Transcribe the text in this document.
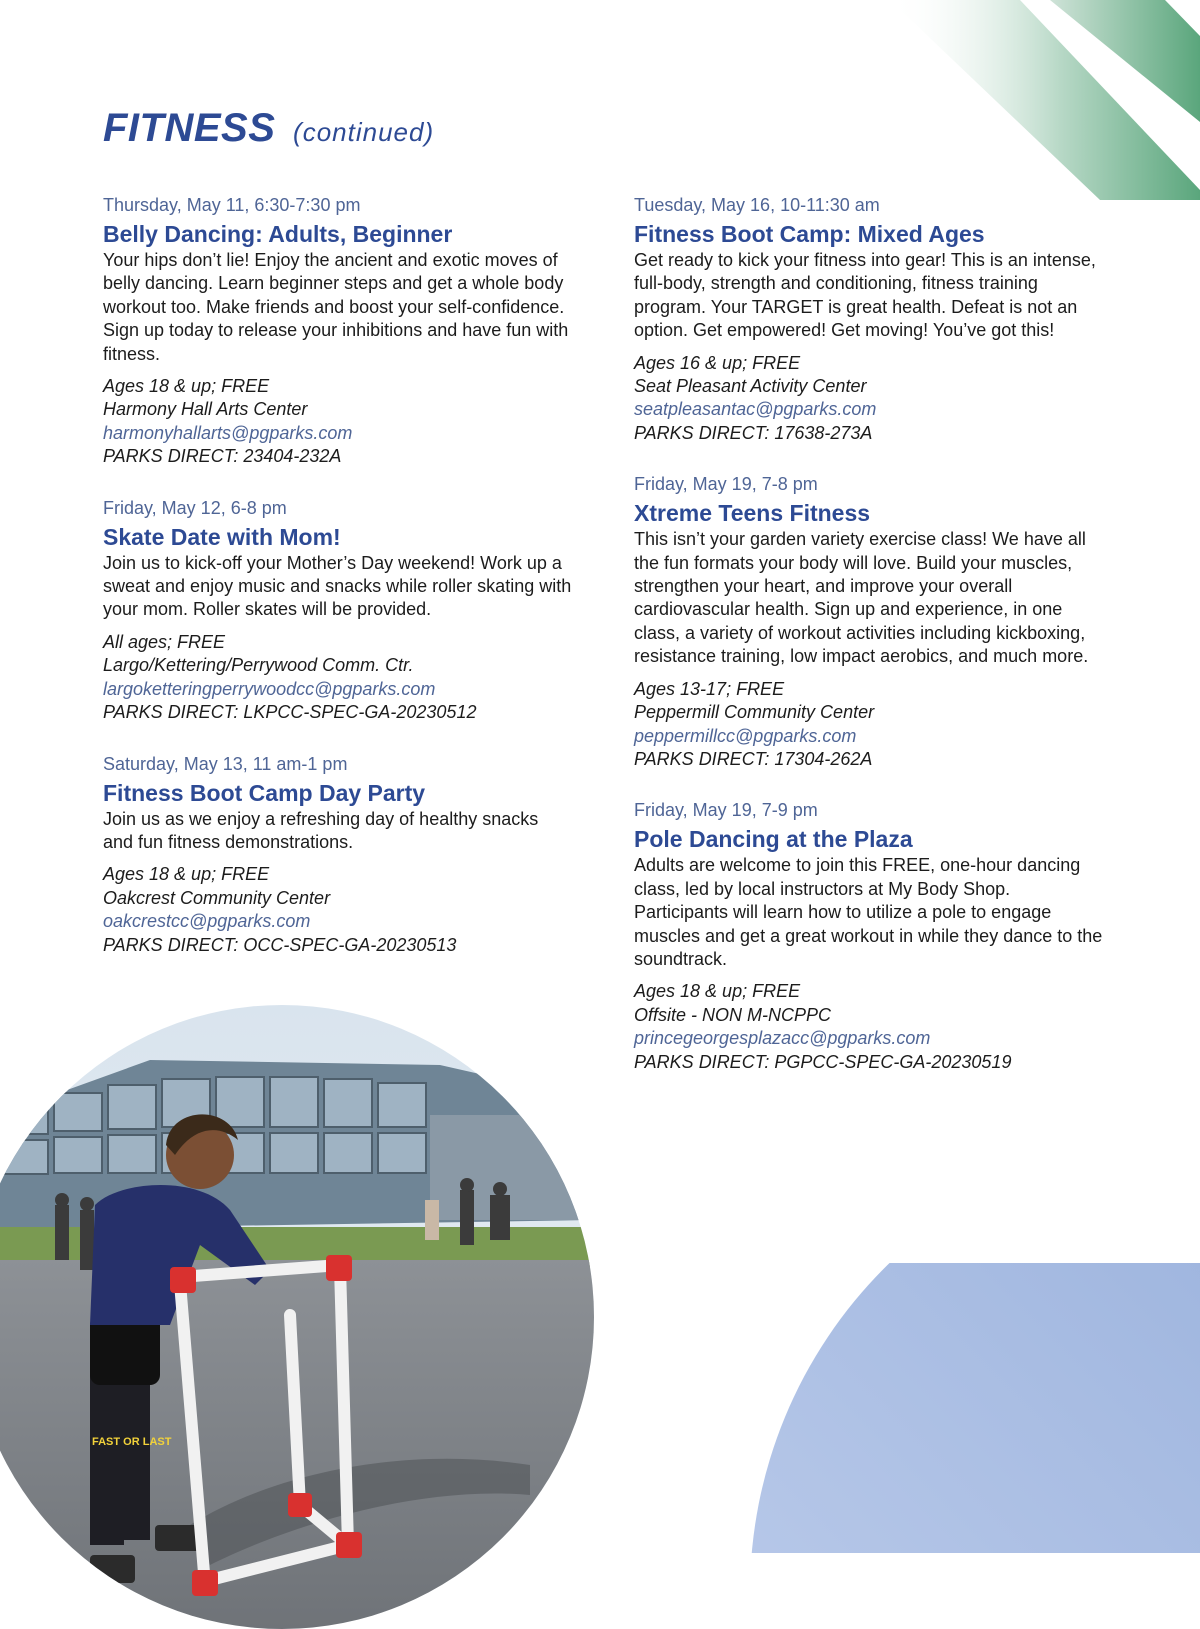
FITNESS (continued)
Thursday, May 11, 6:30-7:30 pm
Belly Dancing: Adults, Beginner
Your hips don’t lie! Enjoy the ancient and exotic moves of belly dancing. Learn beginner steps and get a whole body workout too. Make friends and boost your self-confidence. Sign up today to release your inhibitions and have fun with fitness.
Ages 18 & up; FREE
Harmony Hall Arts Center
harmonyhallarts@pgparks.com
PARKS DIRECT: 23404-232A
Friday, May 12, 6-8 pm
Skate Date with Mom!
Join us to kick-off your Mother’s Day weekend! Work up a sweat and enjoy music and snacks while roller skating with your mom. Roller skates will be provided.
All ages; FREE
Largo/Kettering/Perrywood Comm. Ctr.
largoketteringperrywoodcc@pgparks.com
PARKS DIRECT: LKPCC-SPEC-GA-20230512
Saturday, May 13, 11 am-1 pm
Fitness Boot Camp Day Party
Join us as we enjoy a refreshing day of healthy snacks and fun fitness demonstrations.
Ages 18 & up; FREE
Oakcrest Community Center
oakcrestcc@pgparks.com
PARKS DIRECT: OCC-SPEC-GA-20230513
Tuesday, May 16, 10-11:30 am
Fitness Boot Camp: Mixed Ages
Get ready to kick your fitness into gear! This is an intense, full-body, strength and conditioning, fitness training program. Your TARGET is great health. Defeat is not an option. Get empowered! Get moving! You’ve got this!
Ages 16 & up; FREE
Seat Pleasant Activity Center
seatpleasantac@pgparks.com
PARKS DIRECT: 17638-273A
Friday, May 19, 7-8 pm
Xtreme Teens Fitness
This isn’t your garden variety exercise class! We have all the fun formats your body will love. Build your muscles, strengthen your heart, and improve your overall cardiovascular health. Sign up and experience, in one class, a variety of workout activities including kickboxing, resistance training, low impact aerobics, and much more.
Ages 13-17; FREE
Peppermill Community Center
peppermillcc@pgparks.com
PARKS DIRECT: 17304-262A
Friday, May 19, 7-9 pm
Pole Dancing at the Plaza
Adults are welcome to join this FREE, one-hour dancing class, led by local instructors at My Body Shop. Participants will learn how to utilize a pole to engage muscles and get a great workout in while they dance to the soundtrack.
Ages 18 & up; FREE
Offsite - NON M-NCPPC
princegeorgesplazacc@pgparks.com
PARKS DIRECT: PGPCC-SPEC-GA-20230519
FAST OR LAST
